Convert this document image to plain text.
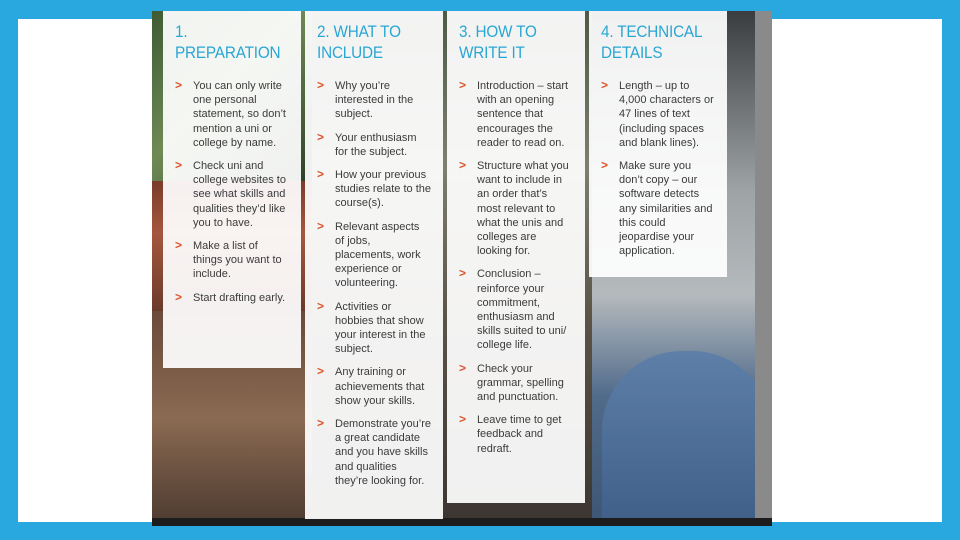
1. PREPARATION
> You can only write one personal statement, so don’t mention a uni or college by name.
> Check uni and college websites to see what skills and qualities they’d like you to have.
> Make a list of things you want to include.
> Start drafting early.
2. WHAT TO
INCLUDE
> Why you’re interested in the subject.
> Your enthusiasm for the subject.
> How your previous studies relate to the course(s).
> Relevant aspects of jobs, placements, work experience or volunteering.
> Activities or hobbies that show your interest in the subject.
> Any training or achievements that show your skills.
> Demonstrate you’re a great candidate and you have skills and qualities they’re looking for.
3. HOW TO
WRITE IT
> Introduction – start with an opening sentence that encourages the reader to read on.
> Structure what you want to include in an order that’s most relevant to what the unis and colleges are looking for.
> Conclusion – reinforce your commitment, enthusiasm and skills suited to uni/ college life.
> Check your grammar, spelling and punctuation.
> Leave time to get feedback and redraft.
4. TECHNICAL
DETAILS
> Length – up to 4,000 characters or 47 lines of text (including spaces and blank lines).
> Make sure you don’t copy – our software detects any similarities and this could jeopardise your application.
